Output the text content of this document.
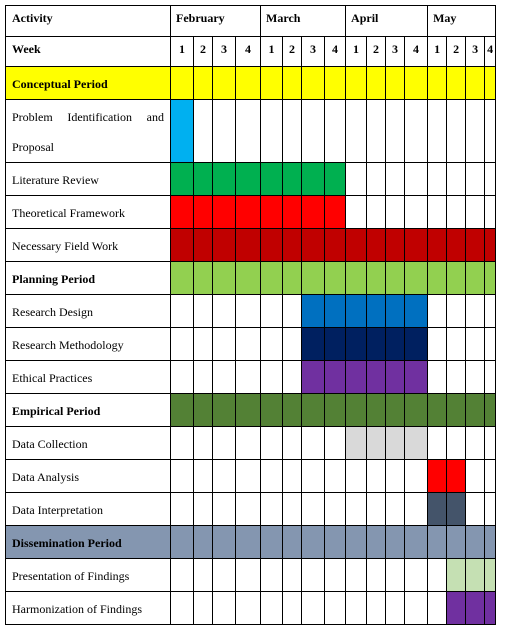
Activity	February				March				April				May			
Week	1	2	3	4	1	2	3	4	1	2	3	4	1	2	3	4
Conceptual Period																
Problem Identification and Proposal																
Literature Review																
Theoretical Framework																
Necessary Field Work																
Planning Period																
Research Design																
Research Methodology																
Ethical Practices																
Empirical Period																
Data Collection																
Data Analysis																
Data Interpretation																
Dissemination Period																
Presentation of Findings																
Harmonization of Findings																
